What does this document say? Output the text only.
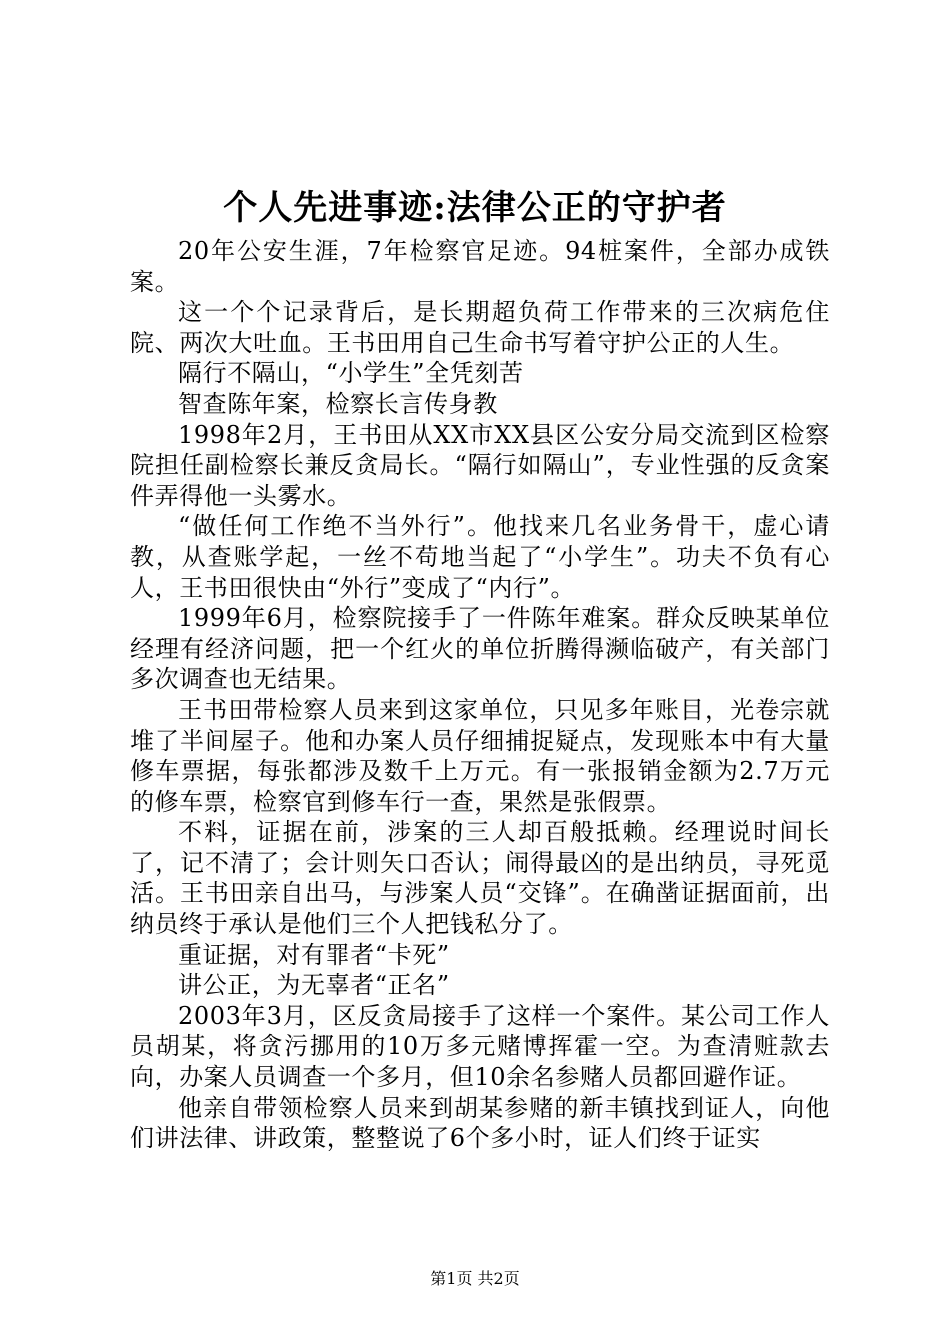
个人先进事迹:法律公正的守护者

20年公安生涯，7年检察官足迹。94桩案件，全部办成铁案。

这一个个记录背后，是长期超负荷工作带来的三次病危住院、两次大吐血。王书田用自己生命书写着守护公正的人生。

隔行不隔山，“小学生”全凭刻苦

智查陈年案，检察长言传身教

1998年2月，王书田从XX市XX县区公安分局交流到区检察院担任副检察长兼反贪局长。“隔行如隔山”，专业性强的反贪案件弄得他一头雾水。

“做任何工作绝不当外行”。他找来几名业务骨干，虚心请教，从查账学起，一丝不苟地当起了“小学生”。功夫不负有心人，王书田很快由“外行”变成了“内行”。

1999年6月，检察院接手了一件陈年难案。群众反映某单位经理有经济问题，把一个红火的单位折腾得濒临破产，有关部门多次调查也无结果。

王书田带检察人员来到这家单位，只见多年账目，光卷宗就堆了半间屋子。他和办案人员仔细捕捉疑点，发现账本中有大量修车票据，每张都涉及数千上万元。有一张报销金额为2.7万元的修车票，检察官到修车行一查，果然是张假票。

不料，证据在前，涉案的三人却百般抵赖。经理说时间长了，记不清了；会计则矢口否认；闹得最凶的是出纳员，寻死觅活。王书田亲自出马，与涉案人员“交锋”。在确凿证据面前，出纳员终于承认是他们三个人把钱私分了。

重证据，对有罪者“卡死”

讲公正，为无辜者“正名”

2003年3月，区反贪局接手了这样一个案件。某公司工作人员胡某，将贪污挪用的10万多元赌博挥霍一空。为查清赃款去向，办案人员调查一个多月，但10余名参赌人员都回避作证。

他亲自带领检察人员来到胡某参赌的新丰镇找到证人，向他们讲法律、讲政策，整整说了6个多小时，证人们终于证实

第1页 共2页
